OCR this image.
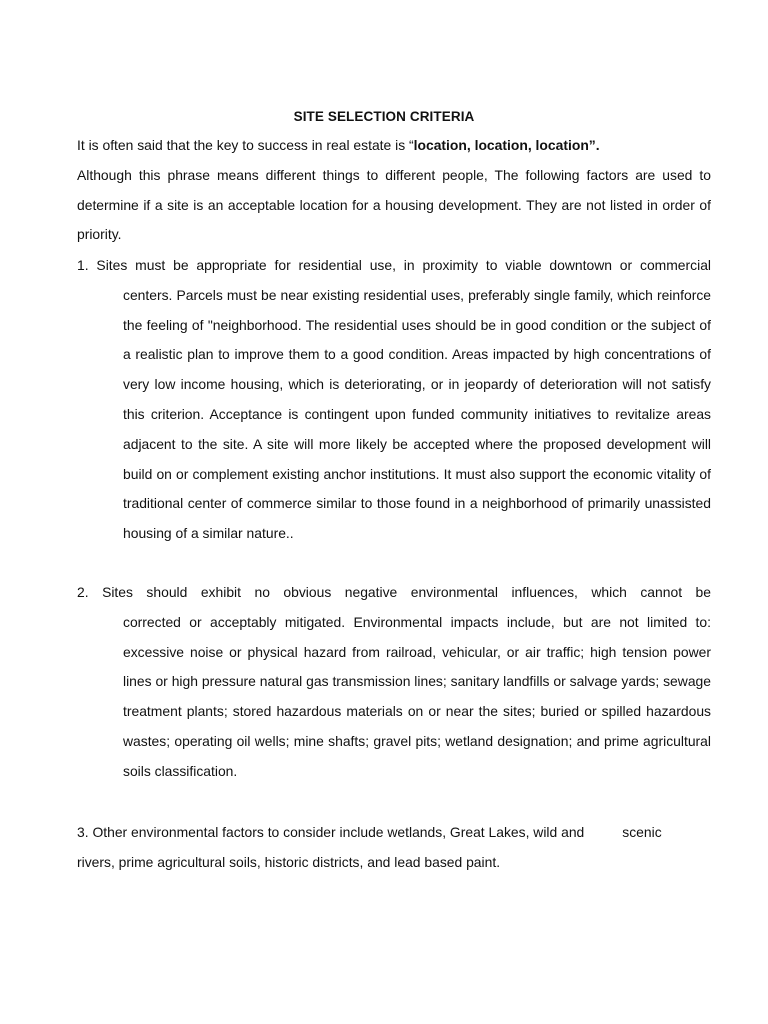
SITE SELECTION CRITERIA

It is often said that the key to success in real estate is “location, location, location”.

Although this phrase means different things to different people, The following factors are used to determine if a site is an acceptable location for a housing development. They are not listed in order of priority.

1. Sites must be appropriate for residential use, in proximity to viable downtown or commercial
centers. Parcels must be near existing residential uses, preferably single family, which reinforce the feeling of "neighborhood. The residential uses should be in good condition or the subject of a realistic plan to improve them to a good condition. Areas impacted by high concentrations of very low income housing, which is deteriorating, or in jeopardy of deterioration will not satisfy this criterion. Acceptance is contingent upon funded community initiatives to revitalize areas adjacent to the site. A site will more likely be accepted where the proposed development will build on or complement existing anchor institutions. It must also support the economic vitality of traditional center of commerce similar to those found in a neighborhood of primarily unassisted housing of a similar nature..
2. Sites should exhibit no obvious negative environmental influences, which cannot be
corrected or acceptably mitigated. Environmental impacts include, but are not limited to: excessive noise or physical hazard from railroad, vehicular, or air traffic; high tension power lines or high pressure natural gas transmission lines; sanitary landfills or salvage yards; sewage treatment plants; stored hazardous materials on or near the sites; buried or spilled hazardous wastes; operating oil wells; mine shafts; gravel pits; wetland designation; and prime agricultural soils classification.
3. Other environmental factors to consider include wetlands, Great Lakes, wild and	scenic
rivers, prime agricultural soils, historic districts, and lead based paint.
